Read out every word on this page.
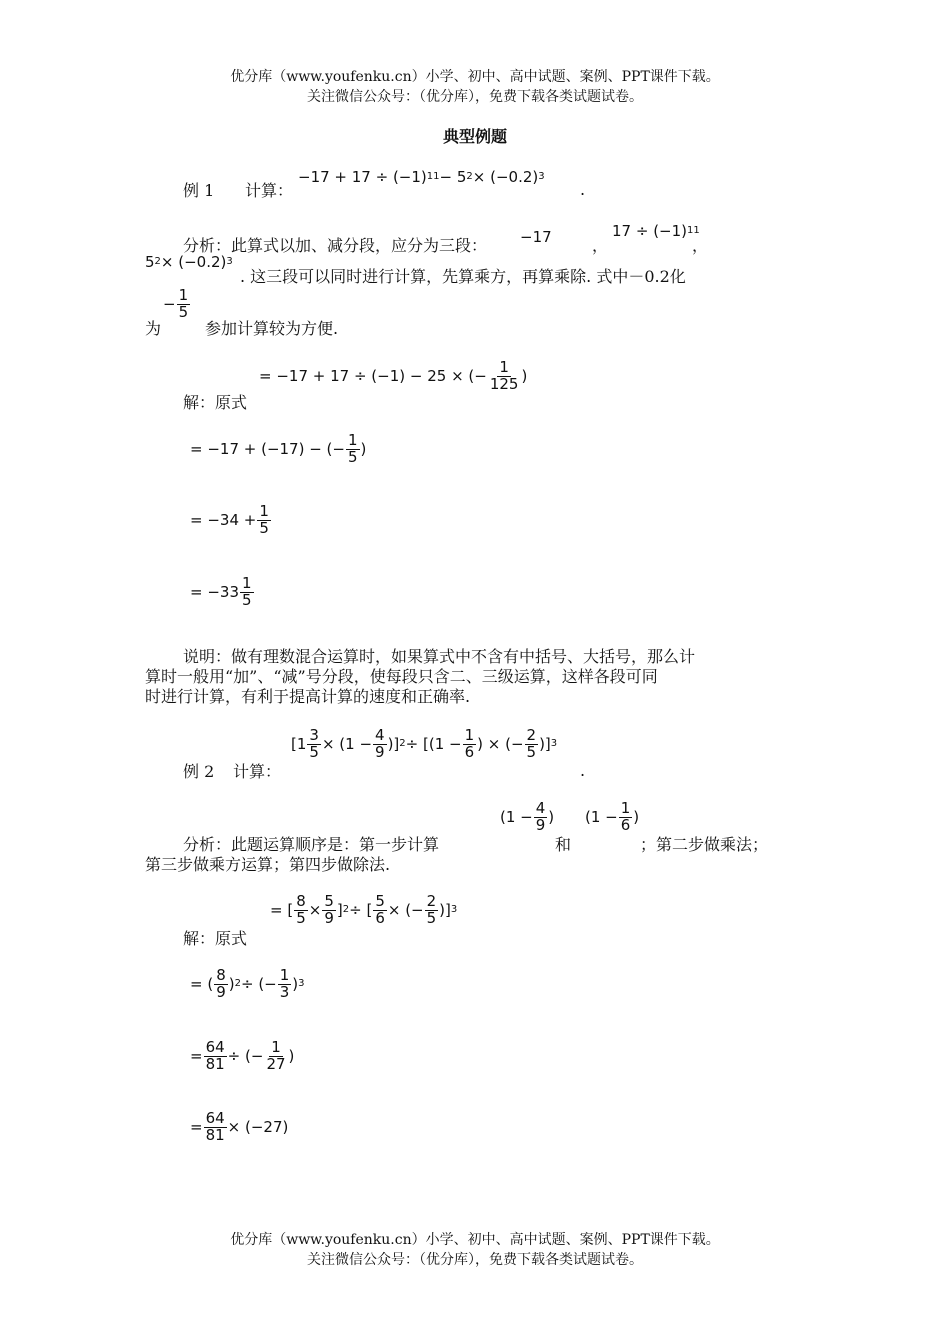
优分库（www.youfenku.cn）小学、初中、高中试题、案例、PPT课件下载。
关注微信公众号：（优分库），免费下载各类试题试卷。
典型例题
例 1 计算：
−17 + 17 ÷ (−1) 11 − 5 2 × (−0.2) 3
.
分析：此算式以加、减分段，应分为三段： −17	，
17 ÷ (−1) 11
，
5 2 × (−0.2) 3
. 这三段可以同时进行计算，先算乘方，再算乘除. 式中－0.2化
− $\frac{1}{5}$
为	参加计算较为方便.
解：原式
= −17 + 17 ÷ (−1) − 25 × (− $\frac{1}{125}$ )
= −17 + (−17) − (− $\frac{1}{5}$ )
= $-34 + \frac{1}{5}$
= $-33 \frac{1}{5}$
说明：做有理数混合运算时，如果算式中不含有中括号、大括号，那么计
算时一般用“加”、“减”号分段，使每段只含二、三级运算，这样各段可同
时进行计算，有利于提高计算的速度和正确率.
例 2 计算：
[$1 \frac{3}{5} \times (1 - \frac{4}{9}$ )] $2 \div [(1 - \frac{1}{6}$ ) × (− $\frac{2}{5}$ )] 3
.
分析：此题运算顺序是：第一步计算
($1 - \frac{4}{9}$ )
和
($1 - \frac{1}{6}$ )
；第二步做乘法；
第三步做乘方运算；第四步做除法.
解：原式
= [ $\frac{8}{5} \times \frac{5}{9}$ ] 2 ÷ [ $\frac{5}{6}$ × (− $\frac{2}{5}$ )] 3
= ( $\frac{8}{9}$ ) 2 ÷ (− $\frac{1}{3}$ ) 3
= $\frac{64}{81}$ ÷ (− $\frac{1}{27}$ )
= $\frac{64}{81} \times (-27)$
优分库（www.youfenku.cn）小学、初中、高中试题、案例、PPT课件下载。
关注微信公众号：（优分库），免费下载各类试题试卷。
